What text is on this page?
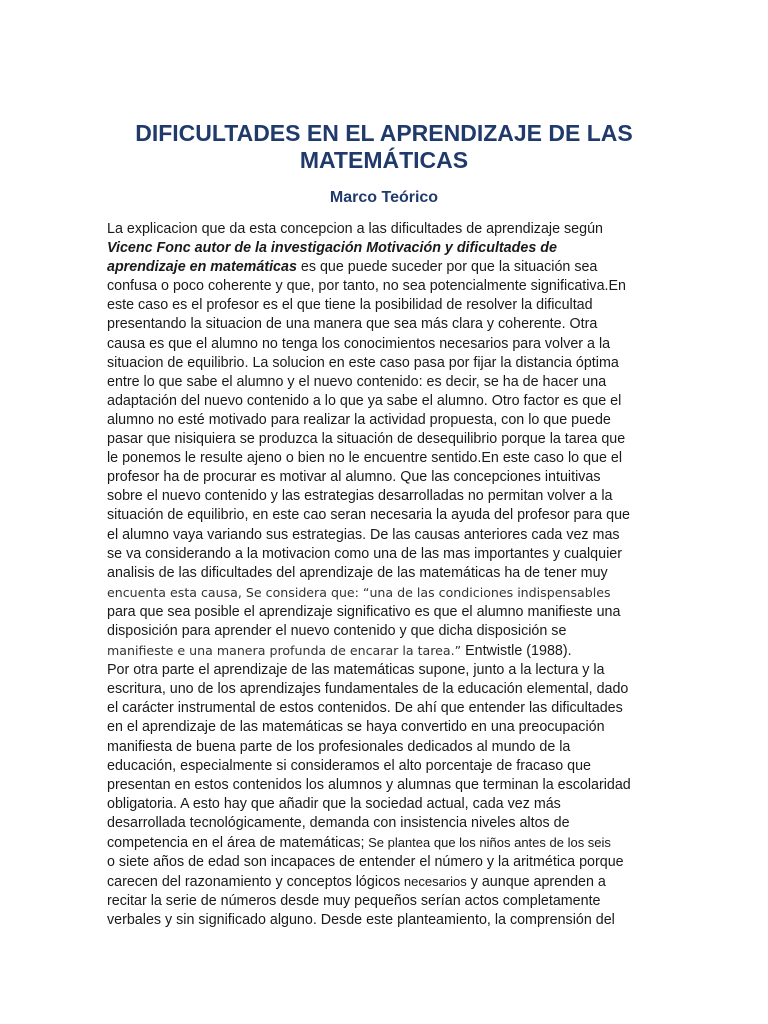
DIFICULTADES EN EL APRENDIZAJE DE LAS
MATEMÁTICAS
Marco Teórico
La explicacion que da esta concepcion a las dificultades de aprendizaje según
Vicenc Fonc autor de la investigación Motivación y dificultades de
aprendizaje en matemáticas es que puede suceder por que la situación sea
confusa o poco coherente y que, por tanto, no sea potencialmente significativa.En
este caso es el profesor es el que tiene la posibilidad de resolver la dificultad
presentando la situacion de una manera que sea más clara y coherente. Otra
causa es que el alumno no tenga los conocimientos necesarios para volver a la
situacion de equilibrio. La solucion en este caso pasa por fijar la distancia óptima
entre lo que sabe el alumno y el nuevo contenido: es decir, se ha de hacer una
adaptación del nuevo contenido a lo que ya sabe el alumno. Otro factor es que el
alumno no esté motivado para realizar la actividad propuesta, con lo que puede
pasar que nisiquiera se produzca la situación de desequilibrio porque la tarea que
le ponemos le resulte ajeno o bien no le encuentre sentido.En este caso lo que el
profesor ha de procurar es motivar al alumno. Que las concepciones intuitivas
sobre el nuevo contenido y las estrategias desarrolladas no permitan volver a la
situación de equilibrio, en este cao seran necesaria la ayuda del profesor para que
el alumno vaya variando sus estrategias. De las causas anteriores cada vez mas
se va considerando a la motivacion como una de las mas importantes y cualquier
analisis de las dificultades del aprendizaje de las matemáticas ha de tener muy
encuenta esta causa, Se considera que: “una de las condiciones indispensables
para que sea posible el aprendizaje significativo es que el alumno manifieste una
disposición para aprender el nuevo contenido y que dicha disposición se
manifieste e una manera profunda de encarar la tarea.” Entwistle (1988).
Por otra parte el aprendizaje de las matemáticas supone, junto a la lectura y la
escritura, uno de los aprendizajes fundamentales de la educación elemental, dado
el carácter instrumental de estos contenidos. De ahí que entender las dificultades
en el aprendizaje de las matemáticas se haya convertido en una preocupación
manifiesta de buena parte de los profesionales dedicados al mundo de la
educación, especialmente si consideramos el alto porcentaje de fracaso que
presentan en estos contenidos los alumnos y alumnas que terminan la escolaridad
obligatoria. A esto hay que añadir que la sociedad actual, cada vez más
desarrollada tecnológicamente, demanda con insistencia niveles altos de
competencia en el área de matemáticas; Se plantea que los niños antes de los seis
o siete años de edad son incapaces de entender el número y la aritmética porque
carecen del razonamiento y conceptos lógicos necesarios y aunque aprenden a
recitar la serie de números desde muy pequeños serían actos completamente
verbales y sin significado alguno. Desde este planteamiento, la comprensión del
